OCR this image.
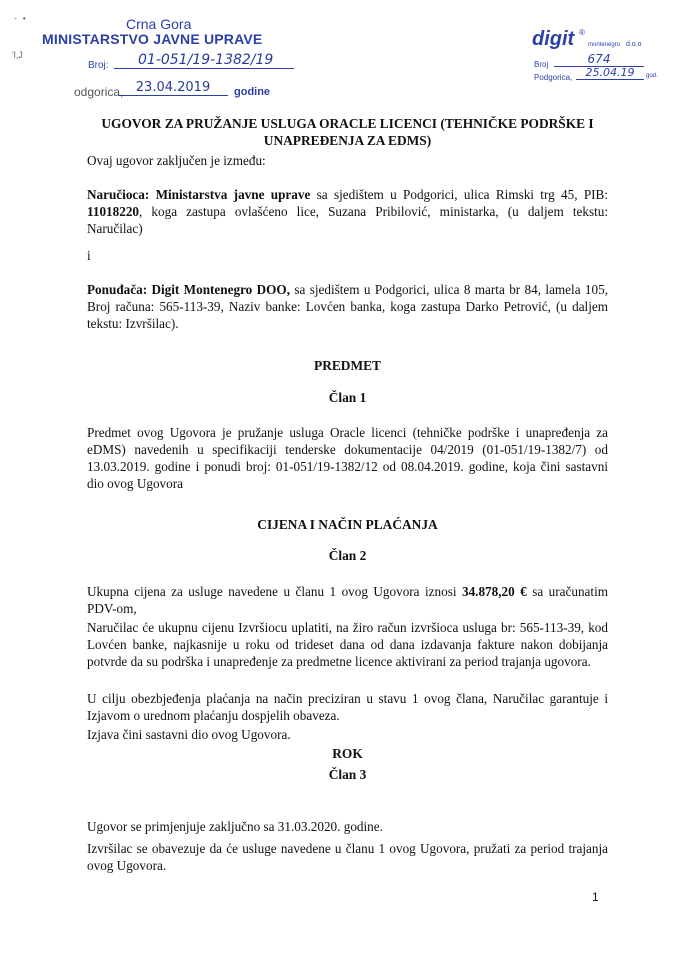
- •
'l,J
Crna Gora
MINISTARSTVO JAVNE UPRAVE
Broj:	01-051/19-1382/19
odgorica, 23.04.2019	godine
digit ®
montenegro d.o.o
Broj	674
Podgorica,	25.04.19	god.

UGOVOR ZA PRUŽANJE USLUGA ORACLE LICENCI (TEHNIČKE PODRŠKE I UNAPREĐENJA ZA EDMS)

Ovaj ugovor zaključen je između:

Naručioca: Ministarstva javne uprave sa sjedištem u Podgorici, ulica Rimski trg 45, PIB: 11018220, koga zastupa ovlašćeno lice, Suzana Pribilović, ministarka, (u daljem tekstu: Naručilac)

i

Ponuđača: Digit Montenegro DOO, sa sjedištem u Podgorici, ulica 8 marta br 84, lamela 105, Broj računa: 565-113-39, Naziv banke: Lovćen banka, koga zastupa Darko Petrović, (u daljem tekstu: Izvršilac).

PREDMET

Član 1

Predmet ovog Ugovora je pružanje usluga Oracle licenci (tehničke podrške i unapređenja za eDMS) navedenih u specifikaciji tenderske dokumentacije 04/2019 (01-051/19-1382/7) od 13.03.2019. godine i ponudi broj: 01-051/19-1382/12 od 08.04.2019. godine, koja čini sastavni dio ovog Ugovora

CIJENA I NAČIN PLAĆANJA

Član 2

Ukupna cijena za usluge navedene u članu 1 ovog Ugovora iznosi 34.878,20 € sa uračunatim PDV-om,

Naručilac će ukupnu cijenu Izvršiocu uplatiti, na žiro račun izvršioca usluga br: 565-113-39, kod Lovćen banke, najkasnije u roku od trideset dana od dana izdavanja fakture nakon dobijanja potvrde da su podrška i unapređenje za predmetne licence aktivirani za period trajanja ugovora.

U cilju obezbjeđenja plaćanja na način preciziran u stavu 1 ovog člana, Naručilac garantuje i Izjavom o urednom plaćanju dospjelih obaveza.

Izjava čini sastavni dio ovog Ugovora.

ROK

Član 3

Ugovor se primjenjuje zaključno sa 31.03.2020. godine.

Izvršilac se obavezuje da će usluge navedene u članu 1 ovog Ugovora, pružati za period trajanja ovog Ugovora.

1
